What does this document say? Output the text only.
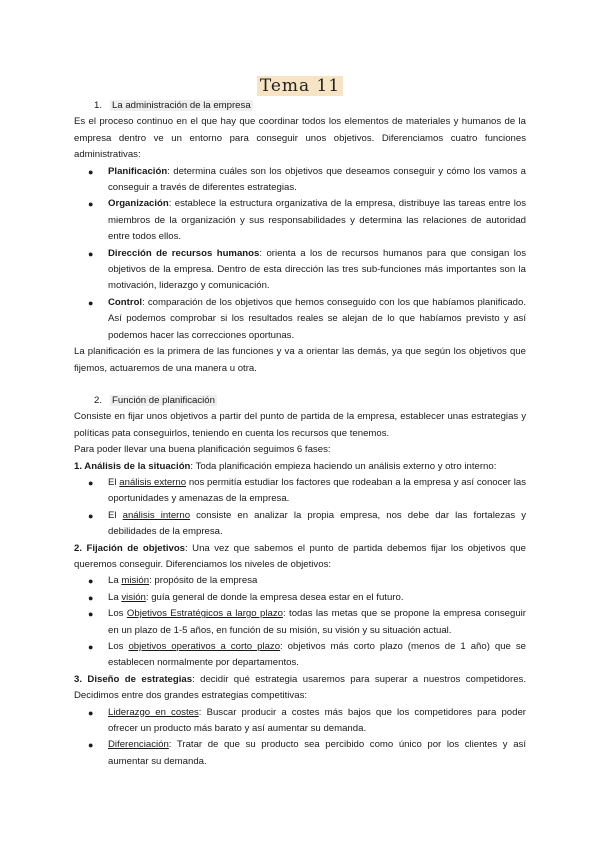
Tema 11
1. La administración de la empresa

Es el proceso continuo en el que hay que coordinar todos los elementos de materiales y humanos de la empresa dentro ve un entorno para conseguir unos objetivos. Diferenciamos cuatro funciones administrativas:

● Planificación: determina cuáles son los objetivos que deseamos conseguir y cómo los vamos a conseguir a través de diferentes estrategias.
● Organización: establece la estructura organizativa de la empresa, distribuye las tareas entre los miembros de la organización y sus responsabilidades y determina las relaciones de autoridad entre todos ellos.
● Dirección de recursos humanos: orienta a los de recursos humanos para que consigan los objetivos de la empresa. Dentro de esta dirección las tres sub-funciones más importantes son la motivación, liderazgo y comunicación.
● Control: comparación de los objetivos que hemos conseguido con los que habíamos planificado. Así podemos comprobar si los resultados reales se alejan de lo que habíamos previsto y así podemos hacer las correcciones oportunas.

La planificación es la primera de las funciones y va a orientar las demás, ya que según los objetivos que fijemos, actuaremos de una manera u otra.

2. Función de planificación

Consiste en fijar unos objetivos a partir del punto de partida de la empresa, establecer unas estrategias y políticas pata conseguirlos, teniendo en cuenta los recursos que tenemos.

Para poder llevar una buena planificación seguimos 6 fases:

1. Análisis de la situación: Toda planificación empieza haciendo un análisis externo y otro interno:

● El análisis externo nos permitía estudiar los factores que rodeaban a la empresa y así conocer las oportunidades y amenazas de la empresa.
● El análisis interno consiste en analizar la propia empresa, nos debe dar las fortalezas y debilidades de la empresa.

2. Fijación de objetivos: Una vez que sabemos el punto de partida debemos fijar los objetivos que queremos conseguir. Diferenciamos los niveles de objetivos:

● La misión: propósito de la empresa
● La visión: guía general de donde la empresa desea estar en el futuro.
● Los Objetivos Estratégicos a largo plazo: todas las metas que se propone la empresa conseguir en un plazo de 1-5 años, en función de su misión, su visión y su situación actual.
● Los objetivos operativos a corto plazo: objetivos más corto plazo (menos de 1 año) que se establecen normalmente por departamentos.

3. Diseño de estrategias: decidir qué estrategia usaremos para superar a nuestros competidores. Decidimos entre dos grandes estrategias competitivas:

● Liderazgo en costes: Buscar producir a costes más bajos que los competidores para poder ofrecer un producto más barato y así aumentar su demanda.
● Diferenciación: Tratar de que su producto sea percibido como único por los clientes y así aumentar su demanda.
